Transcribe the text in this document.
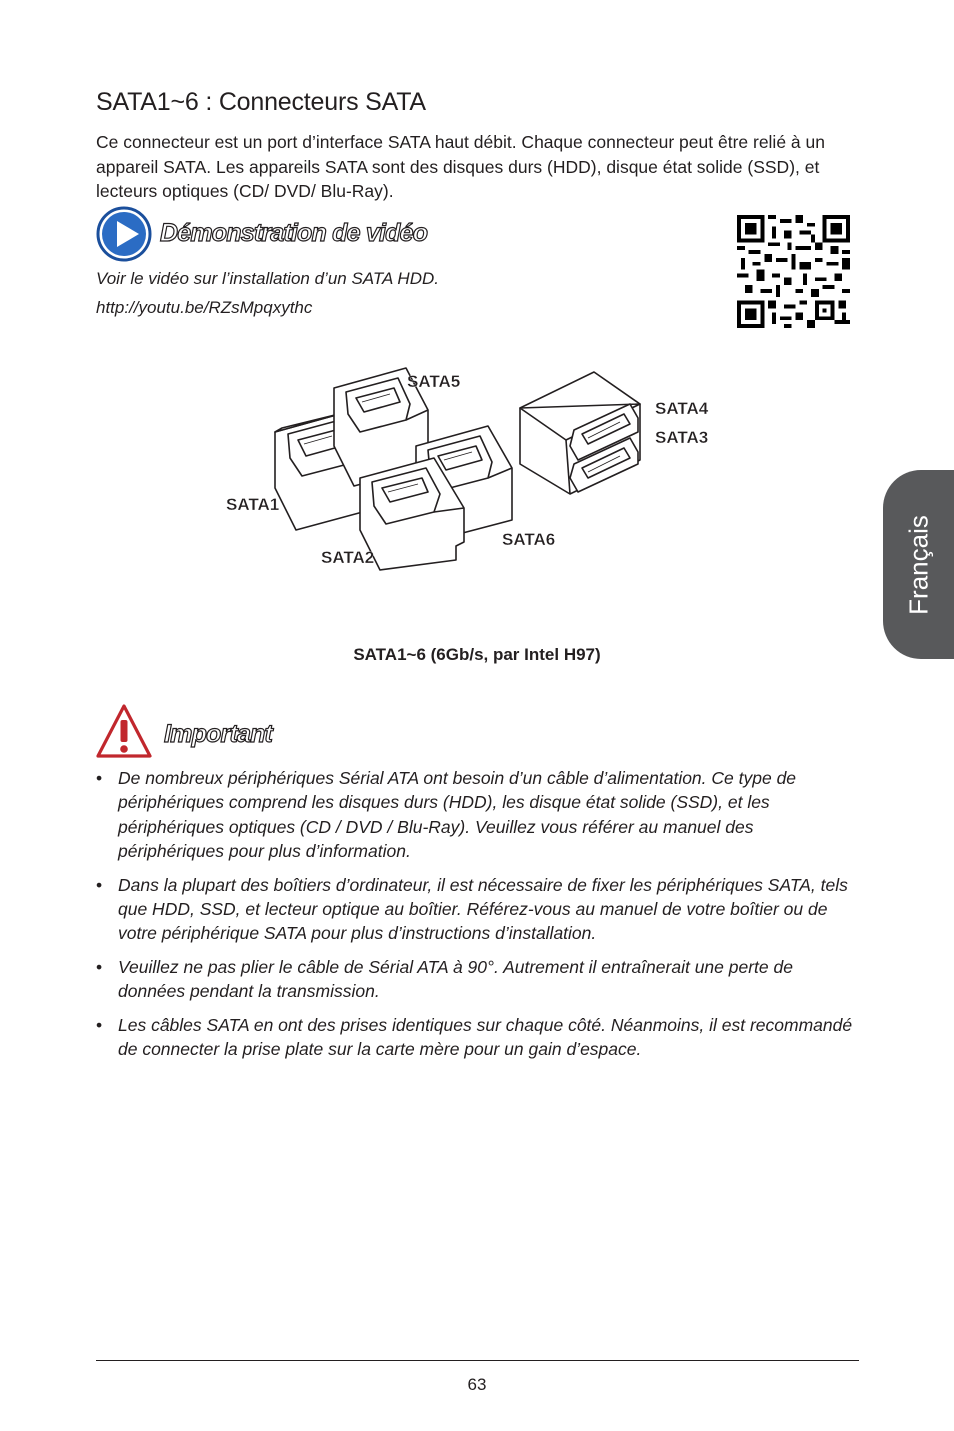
SATA1~6 : Connecteurs SATA
Ce connecteur est un port d’interface SATA haut débit. Chaque connecteur peut être relié à un appareil SATA. Les appareils SATA sont des disques durs (HDD), disque état solide (SSD), et lecteurs optiques (CD/ DVD/ Blu-Ray).
Démonstration de vidéo
Voir le vidéo sur l’installation d’un SATA HDD.
http://youtu.be/RZsMpqxythc
SATA5
SATA4
SATA3
SATA1
SATA6
SATA2
SATA1~6 (6Gb/s, par Intel H97)
Important
• De nombreux périphériques Sérial ATA ont besoin d’un câble d’alimentation. Ce type de périphériques comprend les disques durs (HDD), les disque état solide (SSD), et les périphériques optiques (CD / DVD / Blu-Ray). Veuillez vous référer au manuel des périphériques pour plus d’information.
• Dans la plupart des boîtiers d’ordinateur, il est nécessaire de fixer les périphériques SATA, tels que HDD, SSD, et lecteur optique au boîtier. Référez-vous au manuel de votre boîtier ou de votre périphérique SATA pour plus d’instructions d’installation.
• Veuillez ne pas plier le câble de Sérial ATA à 90°. Autrement il entraînerait une perte de données pendant la transmission.
• Les câbles SATA en ont des prises identiques sur chaque côté. Néanmoins, il est recommandé de connecter la prise plate sur la carte mère pour un gain d’espace.
Français
63
